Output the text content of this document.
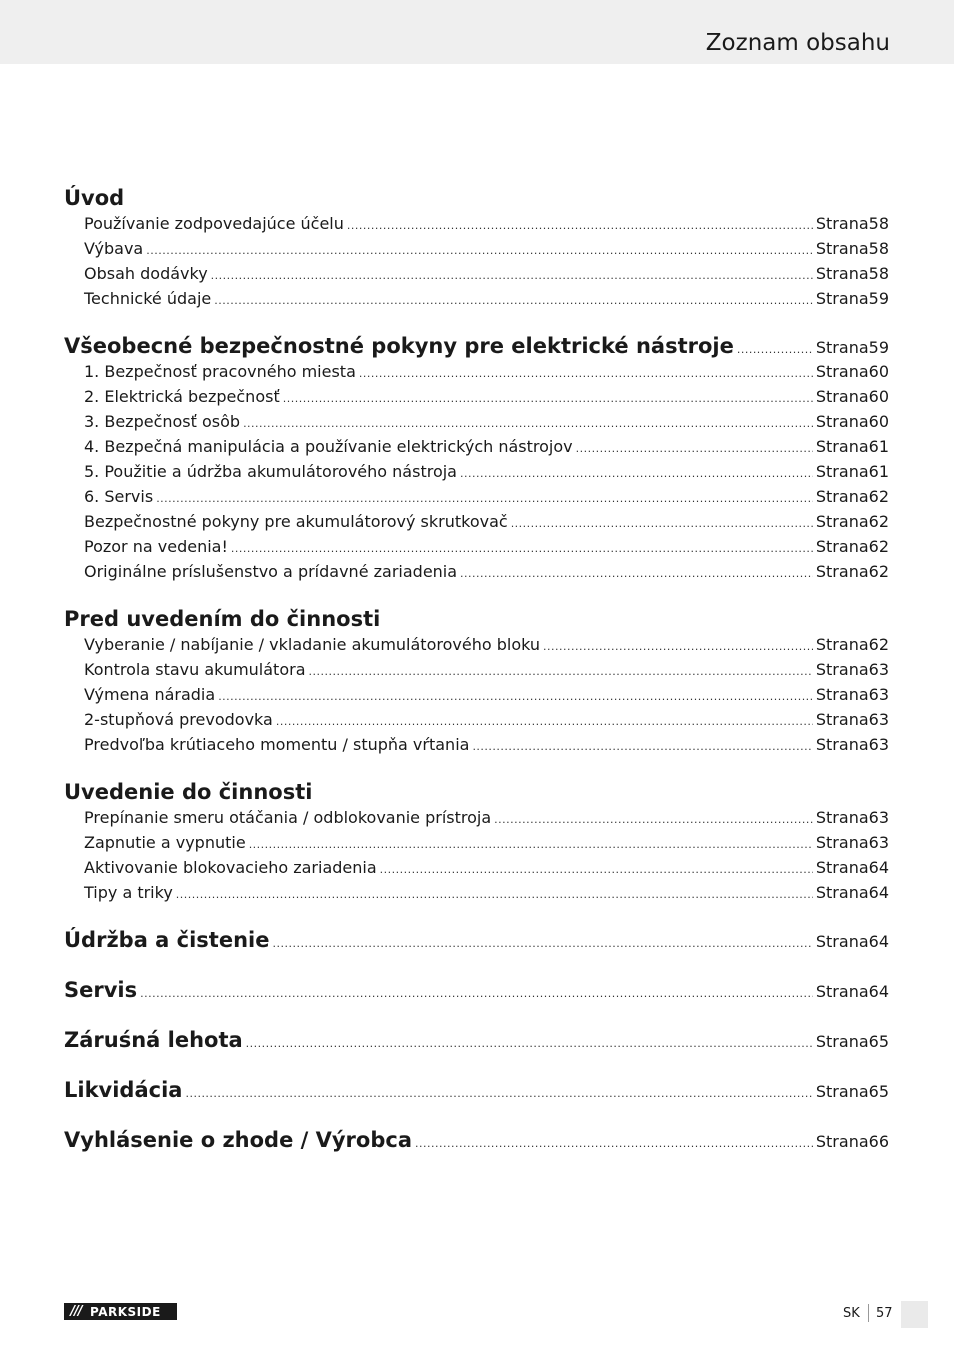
Zoznam obsahu
Úvod
Používanie zodpovedajúce účelu .....	Strana 58
Výbava .....	Strana 58
Obsah dodávky .....	Strana 58
Technické údaje .....	Strana 59
Všeobecné bezpečnostné pokyny pre elektrické nástroje .....	Strana 59
1. Bezpečnosť pracovného miesta .....	Strana 60
2. Elektrická bezpečnosť .....	Strana 60
3. Bezpečnosť osôb .....	Strana 60
4. Bezpečná manipulácia a používanie elektrických nástrojov .....	Strana 61
5. Použitie a údržba akumulátorového nástroja .....	Strana 61
6. Servis .....	Strana 62
Bezpečnostné pokyny pre akumulátorový skrutkovač .....	Strana 62
Pozor na vedenia! .....	Strana 62
Originálne príslušenstvo a prídavné zariadenia .....	Strana 62
Pred uvedením do činnosti
Vyberanie / nabíjanie / vkladanie akumulátorového bloku .....	Strana 62
Kontrola stavu akumulátora .....	Strana 63
Výmena náradia .....	Strana 63
2-stupňová prevodovka .....	Strana 63
Predvoľba krútiaceho momentu / stupňa vŕtania .....	Strana 63
Uvedenie do činnosti
Prepínanie smeru otáčania / odblokovanie prístroja .....	Strana 63
Zapnutie a vypnutie .....	Strana 63
Aktivovanie blokovacieho zariadenia .....	Strana 64
Tipy a triky .....	Strana 64
Údržba a čistenie .....	Strana 64
Servis .....	Strana 64
Záruśná lehota .....	Strana 65
Likvidácia .....	Strana 65
Vyhlásenie o zhode / Výrobca .....	Strana 66
/// PARKSIDE	SK 57
